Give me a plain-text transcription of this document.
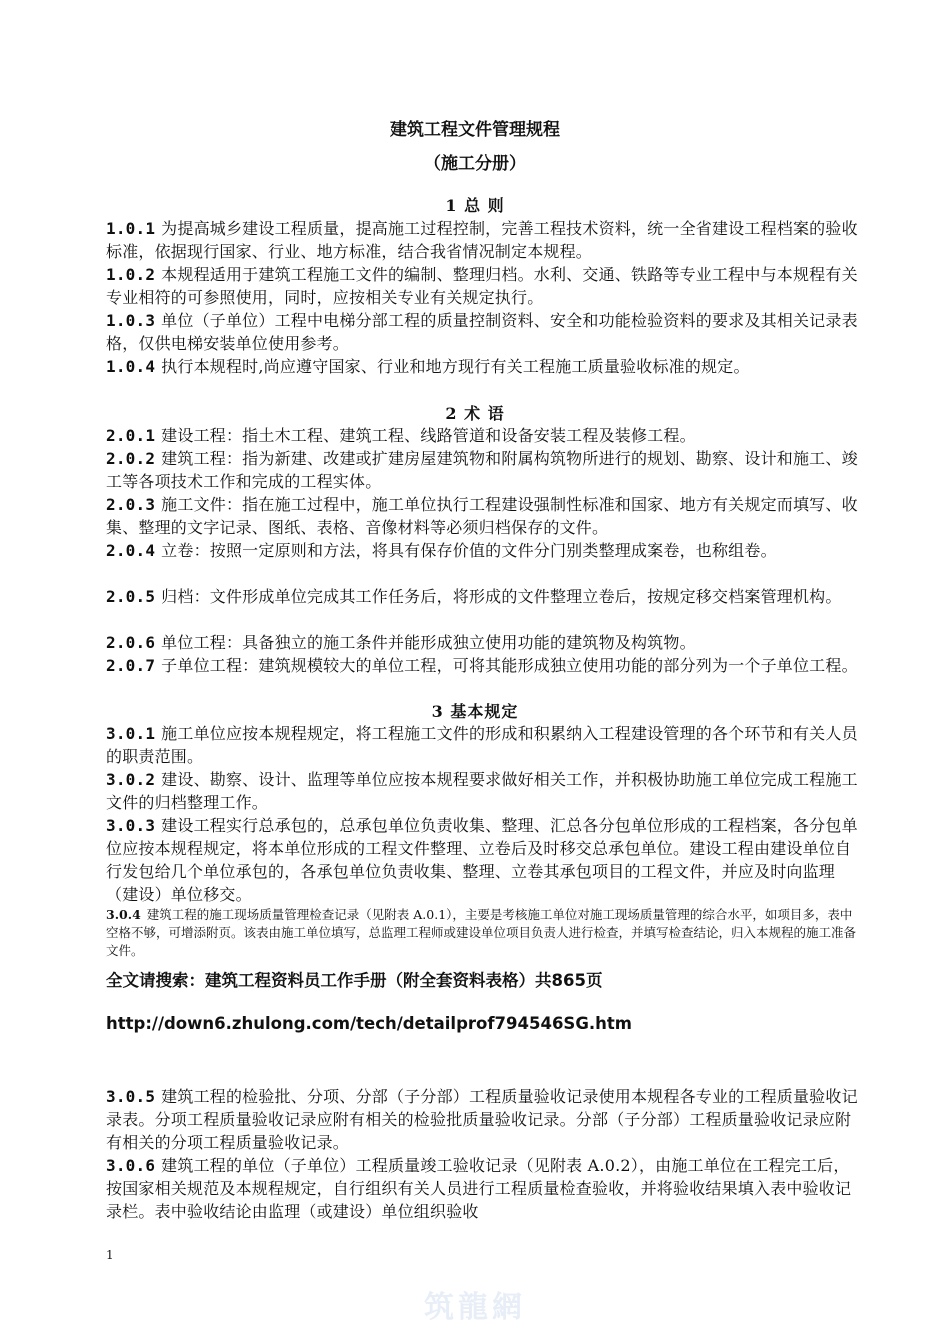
建筑工程文件管理规程
（施工分册）
1 总 则
1.0.1 为提高城乡建设工程质量，提高施工过程控制，完善工程技术资料，统一全省建设工程档案的验收标准，依据现行国家、行业、地方标准，结合我省情况制定本规程。
1.0.2 本规程适用于建筑工程施工文件的编制、整理归档。水利、交通、铁路等专业工程中与本规程有关专业相符的可参照使用，同时，应按相关专业有关规定执行。
1.0.3 单位（子单位）工程中电梯分部工程的质量控制资料、安全和功能检验资料的要求及其相关记录表格，仅供电梯安装单位使用参考。
1.0.4 执行本规程时,尚应遵守国家、行业和地方现行有关工程施工质量验收标准的规定。
2 术 语
2.0.1 建设工程：指土木工程、建筑工程、线路管道和设备安装工程及装修工程。
2.0.2 建筑工程：指为新建、改建或扩建房屋建筑物和附属构筑物所进行的规划、勘察、设计和施工、竣工等各项技术工作和完成的工程实体。
2.0.3 施工文件：指在施工过程中，施工单位执行工程建设强制性标准和国家、地方有关规定而填写、收集、整理的文字记录、图纸、表格、音像材料等必须归档保存的文件。
2.0.4 立卷：按照一定原则和方法，将具有保存价值的文件分门别类整理成案卷，也称组卷。
2.0.5 归档：文件形成单位完成其工作任务后，将形成的文件整理立卷后，按规定移交档案管理机构。
2.0.6 单位工程：具备独立的施工条件并能形成独立使用功能的建筑物及构筑物。
2.0.7 子单位工程：建筑规模较大的单位工程，可将其能形成独立使用功能的部分列为一个子单位工程。
3 基本规定
3.0.1 施工单位应按本规程规定，将工程施工文件的形成和积累纳入工程建设管理的各个环节和有关人员的职责范围。
3.0.2 建设、勘察、设计、监理等单位应按本规程要求做好相关工作，并积极协助施工单位完成工程施工文件的归档整理工作。
3.0.3 建设工程实行总承包的，总承包单位负责收集、整理、汇总各分包单位形成的工程档案，各分包单位应按本规程规定，将本单位形成的工程文件整理、立卷后及时移交总承包单位。建设工程由建设单位自行发包给几个单位承包的，各承包单位负责收集、整理、立卷其承包项目的工程文件，并应及时向监理（建设）单位移交。
3.0.4 建筑工程的施工现场质量管理检查记录（见附表 A.0.1），主要是考核施工单位对施工现场质量管理的综合水平，如项目多，表中空格不够，可增添附页。该表由施工单位填写，总监理工程师或建设单位项目负责人进行检查，并填写检查结论，归入本规程的施工准备文件。
全文请搜索：建筑工程资料员工作手册（附全套资料表格）共865页
http://down6.zhulong.com/tech/detailprof794546SG.htm
3.0.5 建筑工程的检验批、分项、分部（子分部）工程质量验收记录使用本规程各专业的工程质量验收记录表。分项工程质量验收记录应附有相关的检验批质量验收记录。分部（子分部）工程质量验收记录应附有相关的分项工程质量验收记录。
3.0.6 建筑工程的单位（子单位）工程质量竣工验收记录（见附表 A.0.2），由施工单位在工程完工后，按国家相关规范及本规程规定，自行组织有关人员进行工程质量检查验收，并将验收结果填入表中验收记录栏。表中验收结论由监理（或建设）单位组织验收
1
筑龍網
